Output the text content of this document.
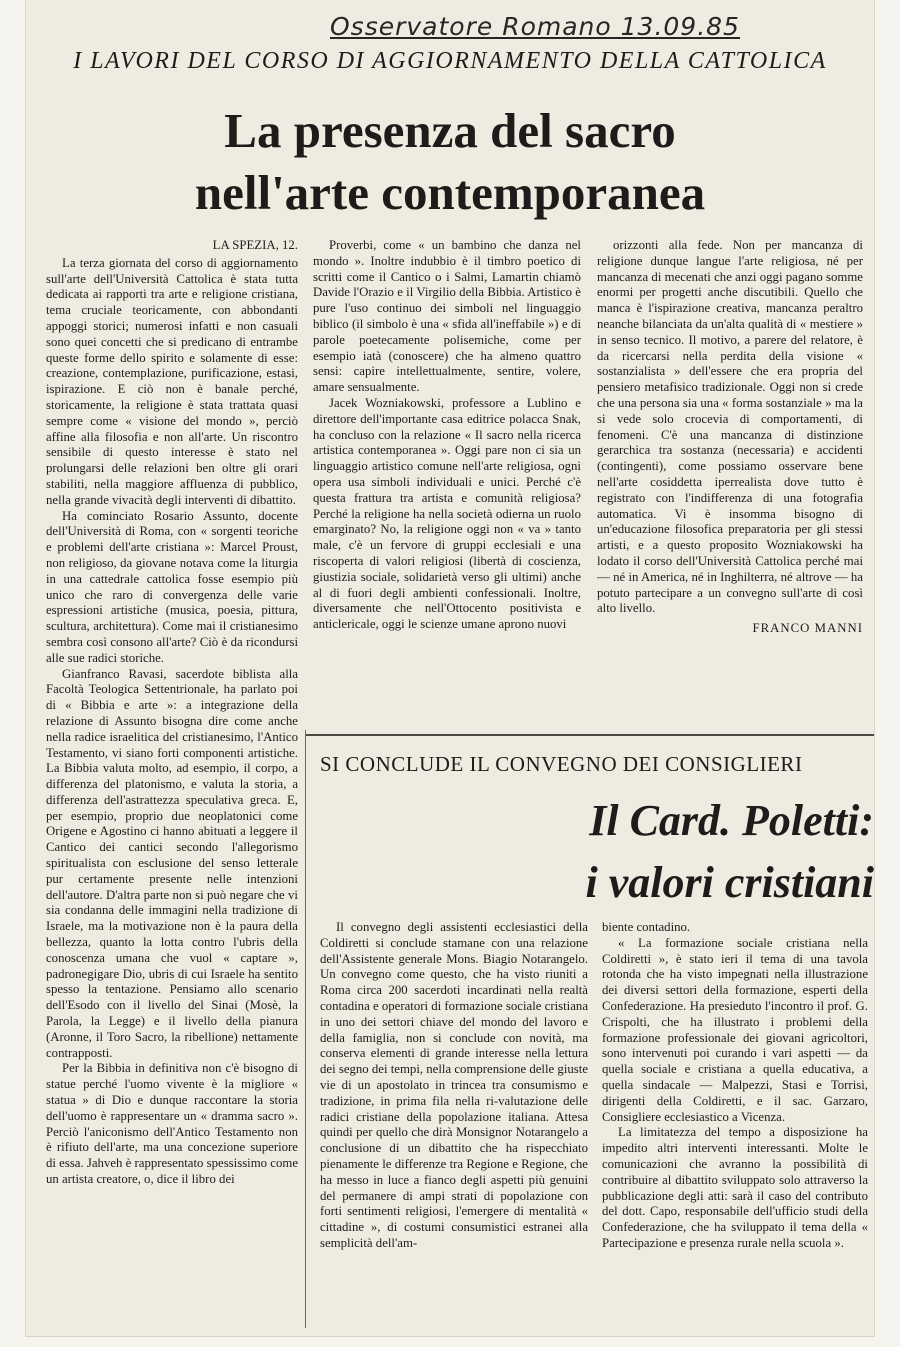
Osservatore Romano 13.09.85
I LAVORI DEL CORSO DI AGGIORNAMENTO DELLA CATTOLICA
La presenza del sacro
nell'arte contemporanea

LA SPEZIA, 12.

La terza giornata del corso di aggiornamento sull'arte dell'Università Cattolica è stata tutta dedicata ai rapporti tra arte e religione cristiana, tema cruciale teoricamente, con abbondanti appoggi storici; numerosi infatti e non casuali sono quei concetti che si predicano di entrambe queste forme dello spirito e solamente di esse: creazione, contemplazione, purificazione, estasi, ispirazione. E ciò non è banale perché, storicamente, la religione è stata trattata quasi sempre come « visione del mondo », perciò affine alla filosofia e non all'arte. Un riscontro sensibile di questo interesse è stato nel prolungarsi delle relazioni ben oltre gli orari stabiliti, nella maggiore affluenza di pubblico, nella grande vivacità degli interventi di dibattito.

Ha cominciato Rosario Assunto, docente dell'Università di Roma, con « sorgenti teoriche e problemi dell'arte cristiana »: Marcel Proust, non religioso, da giovane notava come la liturgia in una cattedrale cattolica fosse esempio più unico che raro di convergenza delle varie espressioni artistiche (musica, poesia, pittura, scultura, architettura). Come mai il cristianesimo sembra così consono all'arte? Ciò è da ricondursi alle sue radici storiche.

Gianfranco Ravasi, sacerdote biblista alla Facoltà Teologica Settentrionale, ha parlato poi di « Bibbia e arte »: a integrazione della relazione di Assunto bisogna dire come anche nella radice israelitica del cristianesimo, l'Antico Testamento, vi siano forti componenti artistiche. La Bibbia valuta molto, ad esempio, il corpo, a differenza del platonismo, e valuta la storia, a differenza dell'astrattezza speculativa greca. E, per esempio, proprio due neoplatonici come Origene e Agostino ci hanno abituati a leggere il Cantico dei cantici secondo l'allegorismo spiritualista con esclusione del senso letterale pur certamente presente nelle intenzioni dell'autore. D'altra parte non si può negare che vi sia condanna delle immagini nella tradizione di Israele, ma la motivazione non è la paura della bellezza, quanto la lotta contro l'ubris della conoscenza umana che vuol « captare », padronegigare Dio, ubris di cui Israele ha sentito spesso la tentazione. Pensiamo allo scenario dell'Esodo con il livello del Sinai (Mosè, la Parola, la Legge) e il livello della pianura (Aronne, il Toro Sacro, la ribellione) nettamente contrapposti.

Per la Bibbia in definitiva non c'è bisogno di statue perché l'uomo vivente è la migliore « statua » di Dio e dunque raccontare la storia dell'uomo è rappresentare un « dramma sacro ». Perciò l'aniconismo dell'Antico Testamento non è rifiuto dell'arte, ma una concezione superiore di essa. Jahveh è rappresentato spessissimo come un artista creatore, o, dice il libro dei

Proverbi, come « un bambino che danza nel mondo ». Inoltre indubbio è il timbro poetico di scritti come il Cantico o i Salmi, Lamartin chiamò Davide l'Orazio e il Virgilio della Bibbia. Artistico è pure l'uso continuo dei simboli nel linguaggio biblico (il simbolo è una « sfida all'ineffabile ») e di parole poetecamente polisemiche, come per esempio iatà (conoscere) che ha almeno quattro sensi: capire intellettualmente, sentire, volere, amare sensualmente.

Jacek Wozniakowski, professore a Lublino e direttore dell'importante casa editrice polacca Snak, ha concluso con la relazione « Il sacro nella ricerca artistica contemporanea ». Oggi pare non ci sia un linguaggio artistico comune nell'arte religiosa, ogni opera usa simboli individuali e unici. Perché c'è questa frattura tra artista e comunità religiosa? Perché la religione ha nella società odierna un ruolo emarginato? No, la religione oggi non « va » tanto male, c'è un fervore di gruppi ecclesiali e una riscoperta di valori religiosi (libertà di coscienza, giustizia sociale, solidarietà verso gli ultimi) anche al di fuori degli ambienti confessionali. Inoltre, diversamente che nell'Ottocento positivista e anticlericale, oggi le scienze umane aprono nuovi

orizzonti alla fede. Non per mancanza di religione dunque langue l'arte religiosa, né per mancanza di mecenati che anzi oggi pagano somme enormi per progetti anche discutibili. Quello che manca è l'ispirazione creativa, mancanza peraltro neanche bilanciata da un'alta qualità di « mestiere » in senso tecnico. Il motivo, a parere del relatore, è da ricercarsi nella perdita della visione « sostanzialista » dell'essere che era propria del pensiero metafisico tradizionale. Oggi non si crede che una persona sia una « forma sostanziale » ma la si vede solo crocevia di comportamenti, di fenomeni. C'è una mancanza di distinzione gerarchica tra sostanza (necessaria) e accidenti (contingenti), come possiamo osservare bene nell'arte cosiddetta iperrealista dove tutto è registrato con l'indifferenza di una fotografia automatica. Vi è insomma bisogno di un'educazione filosofica preparatoria per gli stessi artisti, e a questo proposito Wozniakowski ha lodato il corso dell'Università Cattolica perché mai — né in America, né in Inghilterra, né altrove — ha potuto partecipare a un convegno sull'arte di così alto livello.

FRANCO MANNI

SI CONCLUDE IL CONVEGNO DEI CONSIGLIERI
Il Card. Poletti:
i valori cristiani

Il convegno degli assistenti ecclesiastici della Coldiretti si conclude stamane con una relazione dell'Assistente generale Mons. Biagio Notarangelo. Un convegno come questo, che ha visto riuniti a Roma circa 200 sacerdoti incardinati nella realtà contadina e operatori di formazione sociale cristiana in uno dei settori chiave del mondo del lavoro e della famiglia, non si conclude con novità, ma conserva elementi di grande interesse nella lettura dei segno dei tempi, nella comprensione delle giuste vie di un apostolato in trincea tra consumismo e tradizione, in prima fila nella ri-valutazione delle radici cristiane della popolazione italiana. Attesa quindi per quello che dirà Monsignor Notarangelo a conclusione di un dibattito che ha rispecchiato pienamente le differenze tra Regione e Regione, che ha messo in luce a fianco degli aspetti più genuini del permanere di ampi strati di popolazione con forti sentimenti religiosi, l'emergere di mentalità « cittadine », di costumi consumistici estranei alla semplicità dell'am-

biente contadino.

« La formazione sociale cristiana nella Coldiretti », è stato ieri il tema di una tavola rotonda che ha visto impegnati nella illustrazione dei diversi settori della formazione, esperti della Confederazione. Ha presieduto l'incontro il prof. G. Crispolti, che ha illustrato i problemi della formazione professionale dei giovani agricoltori, sono intervenuti poi curando i vari aspetti — da quella sociale e cristiana a quella educativa, a quella sindacale — Malpezzi, Stasi e Torrisi, dirigenti della Coldiretti, e il sac. Garzaro, Consigliere ecclesiastico a Vicenza.

La limitatezza del tempo a disposizione ha impedito altri interventi interessanti. Molte le comunicazioni che avranno la possibilità di contribuire al dibattito sviluppato solo attraverso la pubblicazione degli atti: sarà il caso del contributo del dott. Capo, responsabile dell'ufficio studi della Confederazione, che ha sviluppato il tema della « Partecipazione e presenza rurale nella scuola ».
